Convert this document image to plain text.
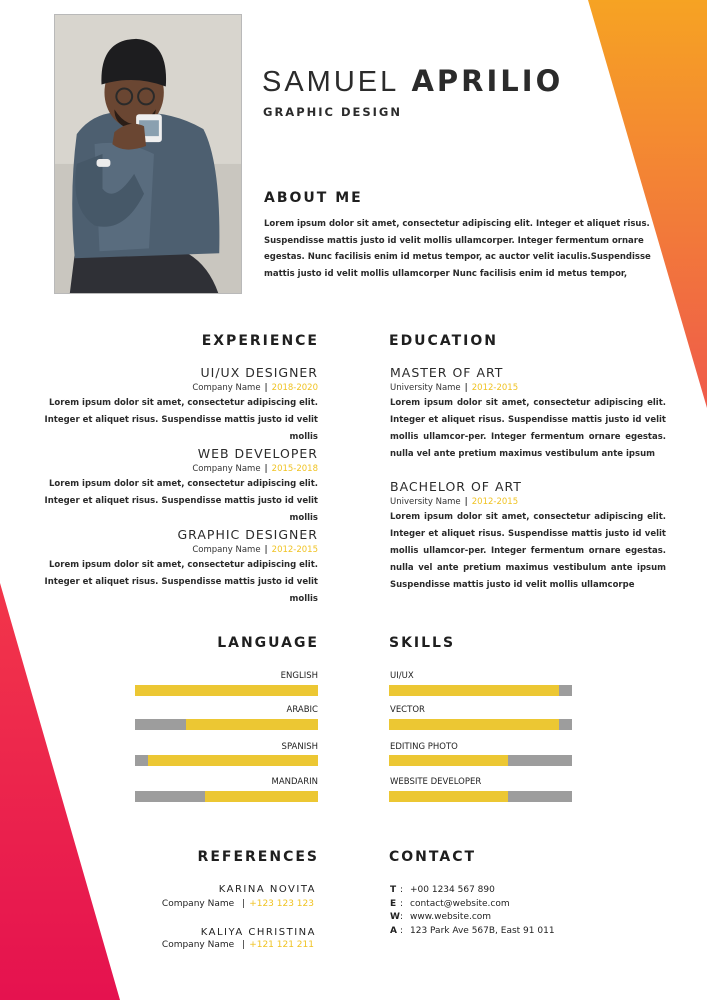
SAMUEL APRILIO
GRAPHIC DESIGN
ABOUT ME
Lorem ipsum dolor sit amet, consectetur adipiscing elit. Integer et aliquet risus. Suspendisse mattis justo id velit mollis ullamcorper. Integer fermentum ornare egestas. Nunc facilisis enim id metus tempor, ac auctor velit iaculis.Suspendisse mattis justo id velit mollis ullamcorper Nunc facilisis enim id metus tempor,
EXPERIENCE
UI/UX DESIGNER
Company Name | 2018-2020
Lorem ipsum dolor sit amet, consectetur adipiscing elit. Integer et aliquet risus. Suspendisse mattis justo id velit mollis
WEB DEVELOPER
Company Name | 2015-2018
Lorem ipsum dolor sit amet, consectetur adipiscing elit. Integer et aliquet risus. Suspendisse mattis justo id velit mollis
GRAPHIC DESIGNER
Company Name | 2012-2015
Lorem ipsum dolor sit amet, consectetur adipiscing elit. Integer et aliquet risus. Suspendisse mattis justo id velit mollis
EDUCATION
MASTER OF ART
University Name | 2012-2015
Lorem ipsum dolor sit amet, consectetur adipiscing elit. Integer et aliquet risus. Suspendisse mattis justo id velit mollis ullamcor-per. Integer fermentum ornare egestas. nulla vel ante pretium maximus vestibulum ante ipsum
BACHELOR OF ART
University Name | 2012-2015
Lorem ipsum dolor sit amet, consectetur adipiscing elit. Integer et aliquet risus. Suspendisse mattis justo id velit mollis ullamcor-per. Integer fermentum ornare egestas. nulla vel ante pretium maximus vestibulum ante ipsum Suspendisse mattis justo id velit mollis ullamcorpe
LANGUAGE
ENGLISH
ARABIC
SPANISH
MANDARIN
SKILLS
UI/UX
VECTOR
EDITING PHOTO
WEBSITE DEVELOPER
REFERENCES
KARINA NOVITA
Company Name | +123 123 123
KALIYA CHRISTINA
Company Name | +121 121 211
CONTACT
T : +00 1234 567 890
E : contact@website.com
W: www.website.com
A : 123 Park Ave 567B, East 91 011
